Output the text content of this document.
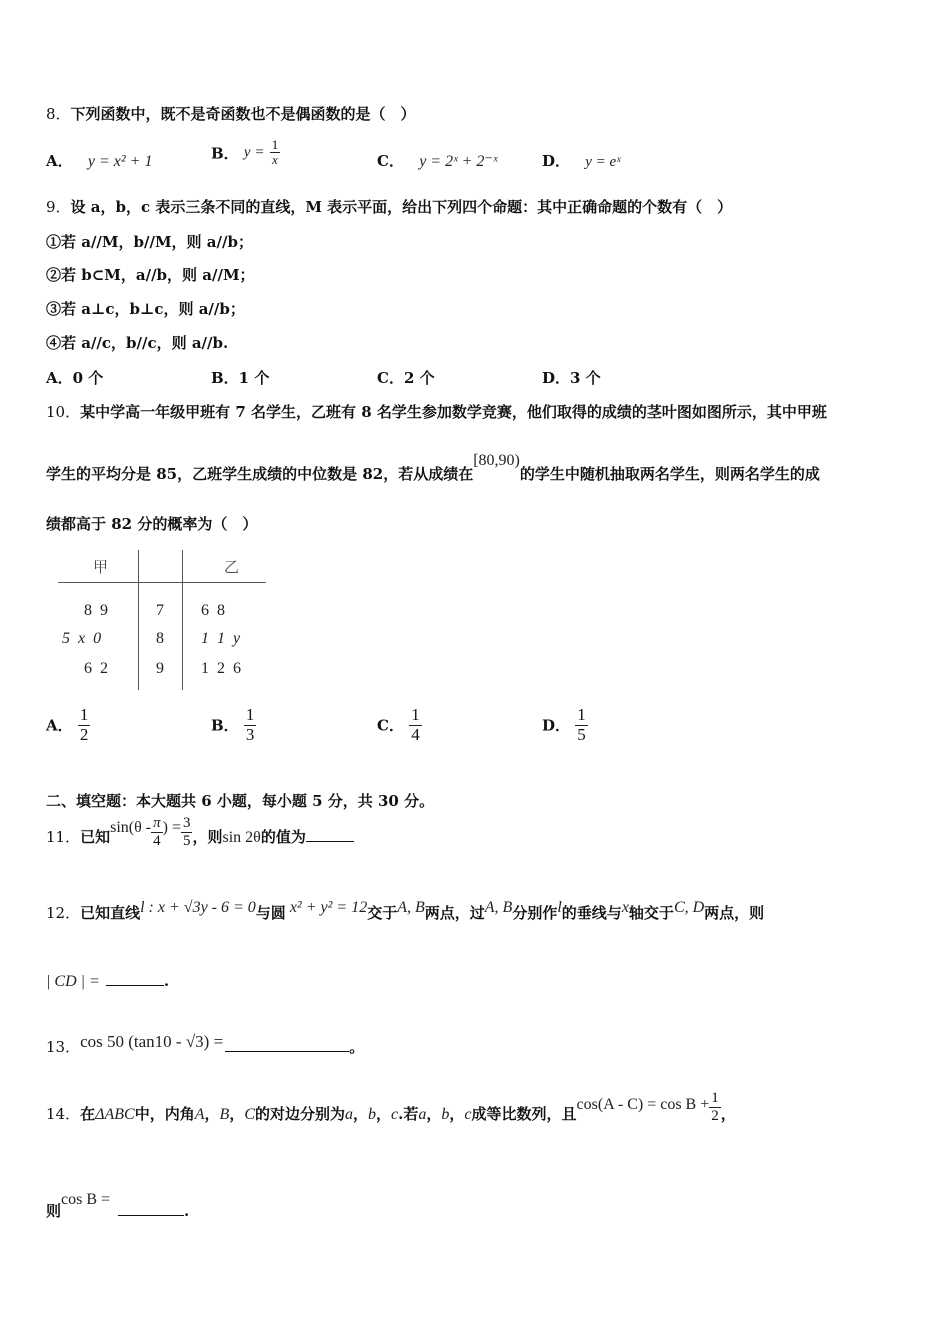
8．下列函数中，既不是奇函数也不是偶函数的是（　）
A． y = x² + 1	B． $y = \frac{1}{x}$	C． y = 2ˣ + 2⁻ˣ	D． y = eˣ
9．设 a，b，c 表示三条不同的直线，M 表示平面，给出下列四个命题：其中正确命题的个数有（　）
①若 a//M，b//M，则 a//b；
②若 b⊂M，a//b，则 a//M；
③若 a⊥c，b⊥c，则 a//b；
④若 a//c，b//c，则 a//b.
A．0 个	B．1 个	C．2 个	D．3 个
10．某中学高一年级甲班有 7 名学生，乙班有 8 名学生参加数学竞赛，他们取得的成绩的茎叶图如图所示，其中甲班
学生的平均分是 85，乙班学生成绩的中位数是 82，若从成绩在[80,90)的学生中随机抽取两名学生，则两名学生的成
绩都高于 82 分的概率为（　）
甲	乙
8  9	7 6  8
5  x  0	8 1  1  y
6  2	9 1  2  6
A． $\frac{1}{2}$	B． $\frac{1}{3}$	C． $\frac{1}{4}$	D． $\frac{1}{5}$
二、填空题：本大题共 6 小题，每小题 5 分，共 30 分。
11．已知$\sin(\theta - \frac{\pi}{4}$ ) = $\frac{3}{5}$ ，则sin 2θ的值为
12．已知直线l : x + √3y - 6 = 0与圆 x² + y² = 12交于A, B两点，过A, B分别作l的垂线与x轴交于C, D两点，则
| CD | =	.
13．cos 50 (tan10 - √3) =	。
14．在ΔABC中，内角A，B，C的对边分别为a，b，c.若a，b，c成等比数列，且$\cos(A - C) = \cos B + \frac{1}{2}$ ，
则cos B =.
